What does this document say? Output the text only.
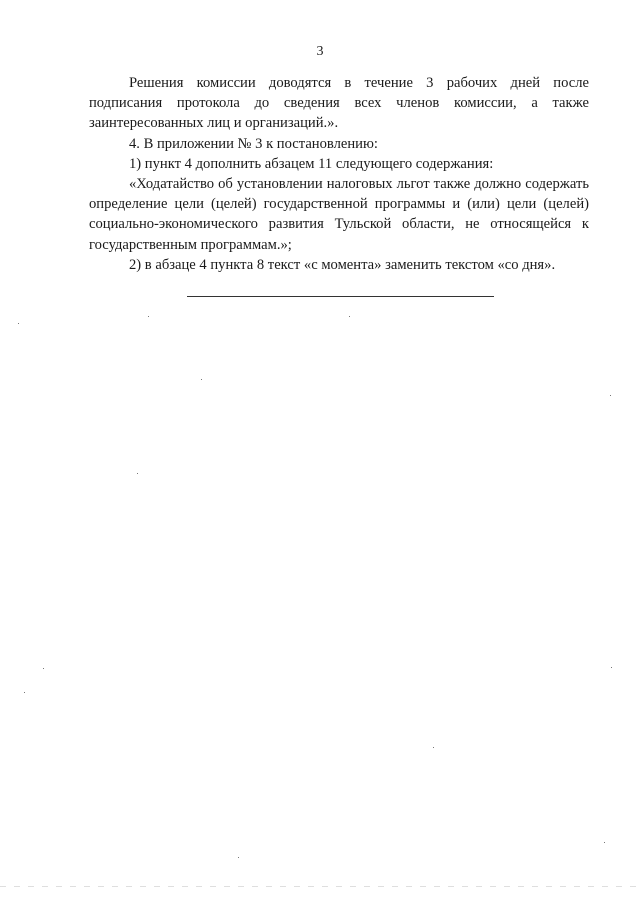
3

Решения комиссии доводятся в течение 3 рабочих дней после подписания протокола до сведения всех членов комиссии, а также заинтересованных лиц и организаций.».

4. В приложении № 3 к постановлению:

1) пункт 4 дополнить абзацем 11 следующего содержания:

«Ходатайство об установлении налоговых льгот также должно содержать определение цели (целей) государственной программы и (или) цели (целей) социально-экономического развития Тульской области, не относящейся к государственным программам.»;

2) в абзаце 4 пункта 8 текст «с момента» заменить текстом «со дня».
